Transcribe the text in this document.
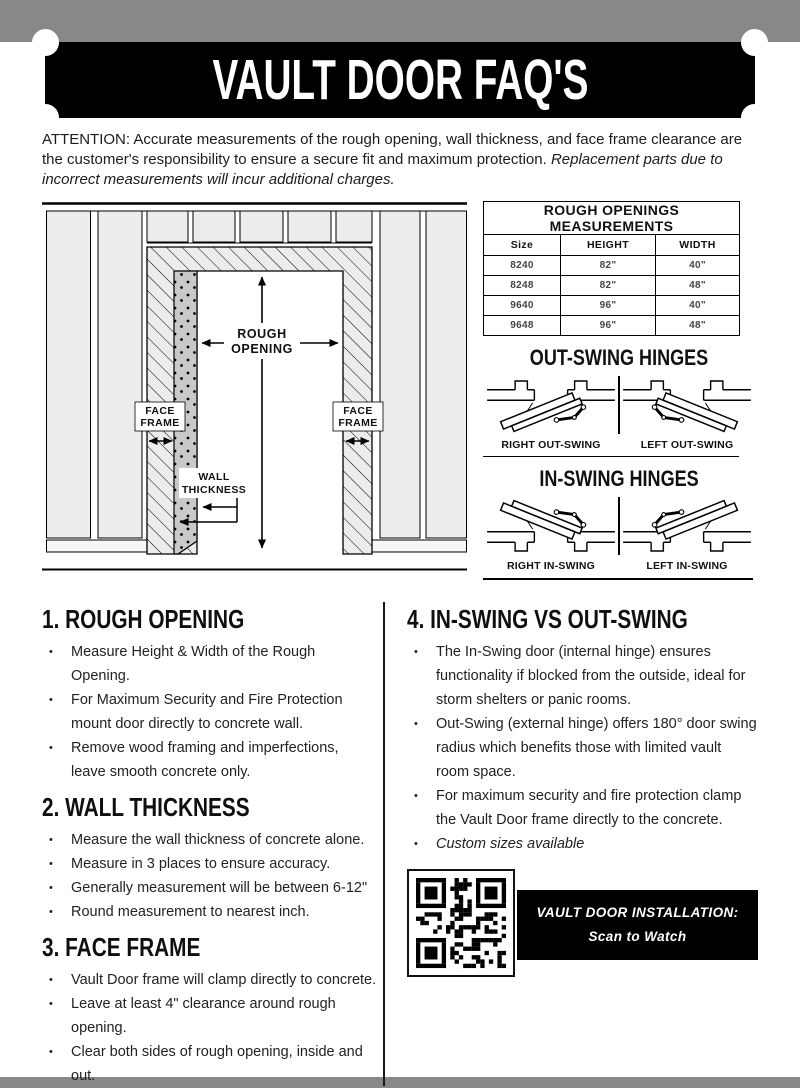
VAULT DOOR FAQ'S

ATTENTION: Accurate measurements of the rough opening, wall thickness, and face frame clearance are the customer's responsibility to ensure a secure fit and maximum protection. Replacement parts due to incorrect measurements will incur additional charges.

ROUGH
OPENING
FACE
FRAME
FACE
FRAME
WALL
THICKNESS
ROUGH OPENINGS MEASUREMENTS		
Size	HEIGHT	WIDTH
8240	82"	40"
8248	82"	48"
9640	96"	40"
9648	96"	48"
OUT-SWING HINGES
RIGHT OUT-SWING	LEFT OUT-SWING
IN-SWING HINGES
RIGHT IN-SWING	LEFT IN-SWING
1. ROUGH OPENING
•	Measure Height & Width of the Rough Opening.
•	For Maximum Security and Fire Protection mount door directly to concrete wall.
•	Remove wood framing and imperfections, leave smooth concrete only.
2. WALL THICKNESS
•	Measure the wall thickness of concrete alone.
•	Measure in 3 places to ensure accuracy.
•	Generally measurement will be between 6-12"
•	Round measurement to nearest inch.
3. FACE FRAME
•	Vault Door frame will clamp directly to concrete.
•	Leave at least 4" clearance around rough opening.
•	Clear both sides of rough opening, inside and out.
4. IN-SWING VS OUT-SWING
•	The In-Swing door (internal hinge) ensures functionality if blocked from the outside, ideal for storm shelters or panic rooms.
•	Out-Swing (external hinge) offers 180° door swing radius which benefits those with limited vault room space.
•	For maximum security and fire protection clamp the Vault Door frame directly to the concrete.
•	Custom sizes available
VAULT DOOR INSTALLATION:
Scan to Watch
